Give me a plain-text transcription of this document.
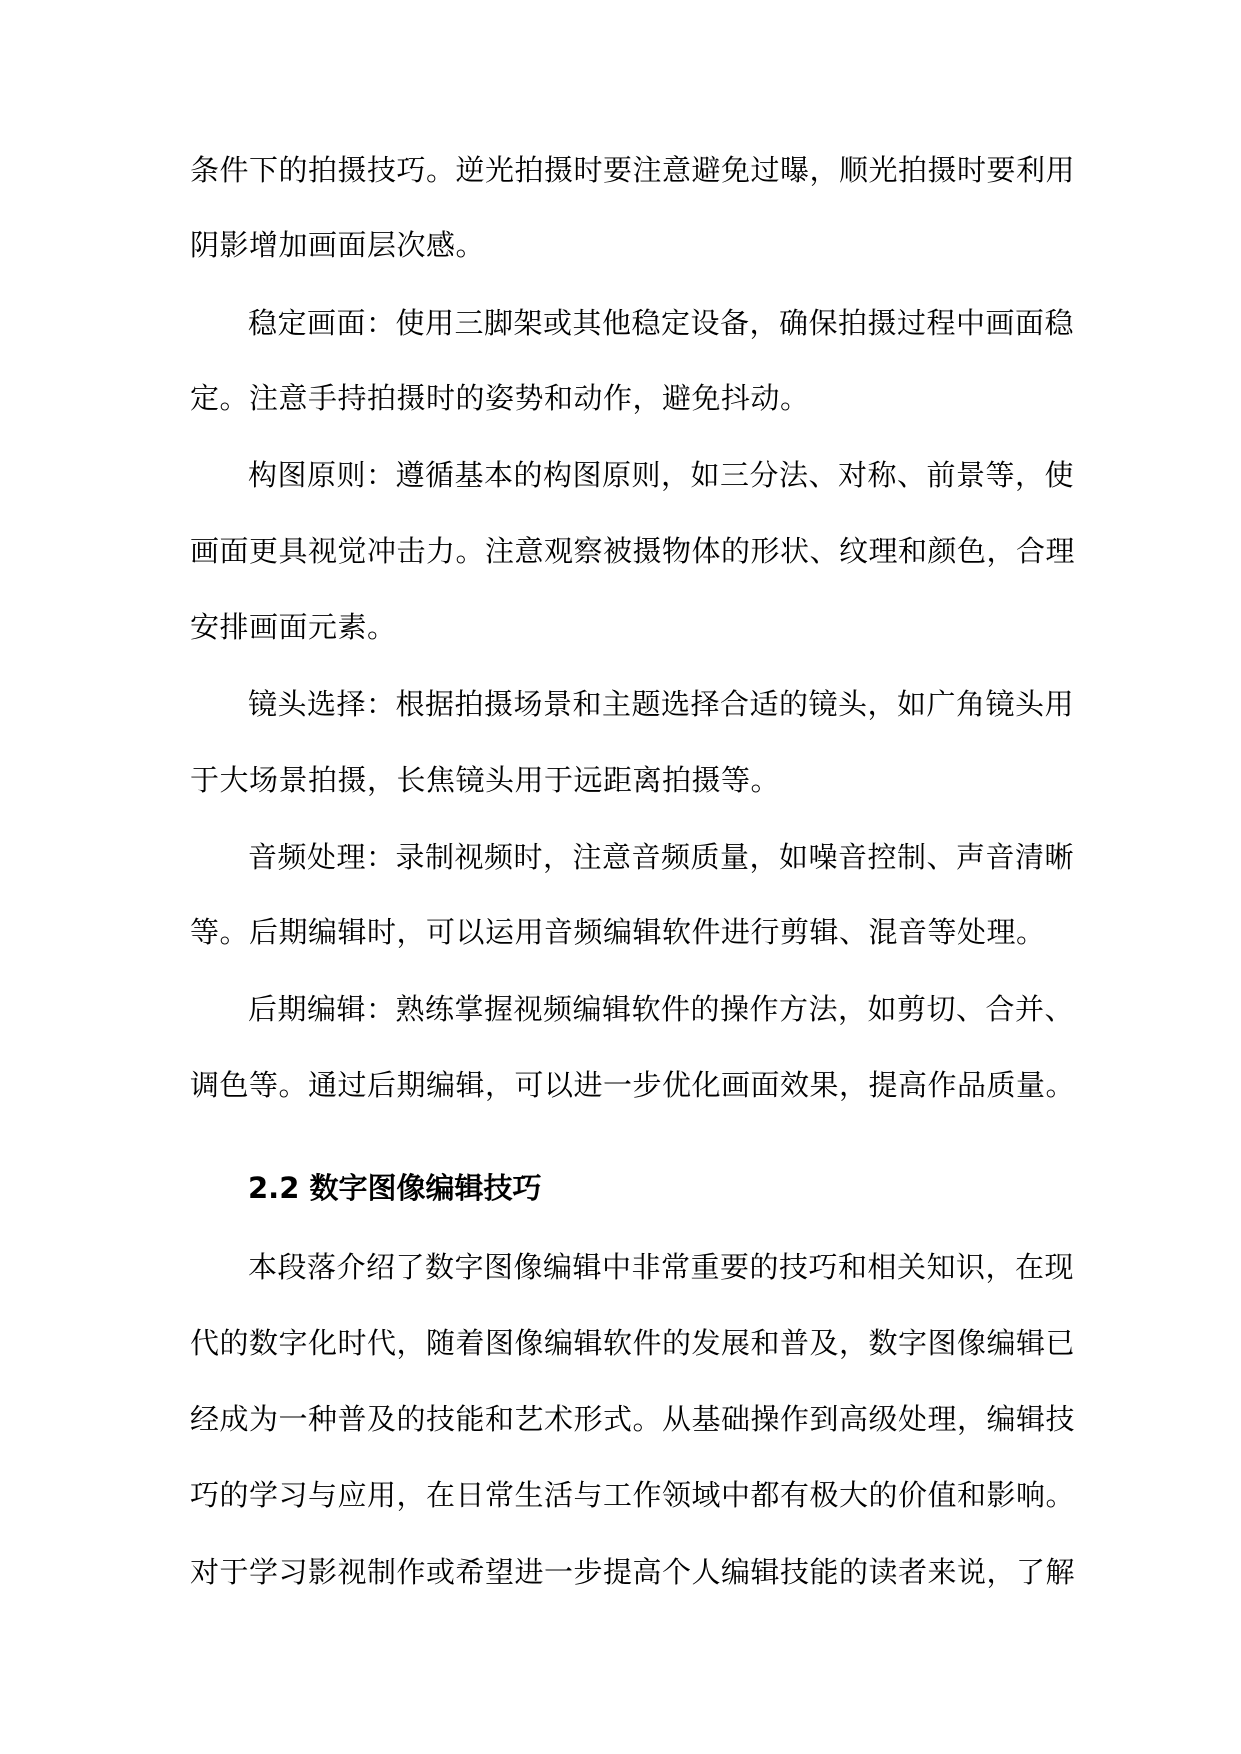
条件下的拍摄技巧。逆光拍摄时要注意避免过曝，顺光拍摄时要利用
阴影增加画面层次感。
稳定画面：使用三脚架或其他稳定设备，确保拍摄过程中画面稳
定。注意手持拍摄时的姿势和动作，避免抖动。
构图原则：遵循基本的构图原则，如三分法、对称、前景等，使
画面更具视觉冲击力。注意观察被摄物体的形状、纹理和颜色，合理
安排画面元素。
镜头选择：根据拍摄场景和主题选择合适的镜头，如广角镜头用
于大场景拍摄，长焦镜头用于远距离拍摄等。
音频处理：录制视频时，注意音频质量，如噪音控制、声音清晰
等。后期编辑时，可以运用音频编辑软件进行剪辑、混音等处理。
后期编辑：熟练掌握视频编辑软件的操作方法，如剪切、合并、
调色等。通过后期编辑，可以进一步优化画面效果，提高作品质量。
2.2 数字图像编辑技巧
本段落介绍了数字图像编辑中非常重要的技巧和相关知识，在现
代的数字化时代，随着图像编辑软件的发展和普及，数字图像编辑已
经成为一种普及的技能和艺术形式。从基础操作到高级处理，编辑技
巧的学习与应用，在日常生活与工作领域中都有极大的价值和影响。
对于学习影视制作或希望进一步提高个人编辑技能的读者来说，了解
